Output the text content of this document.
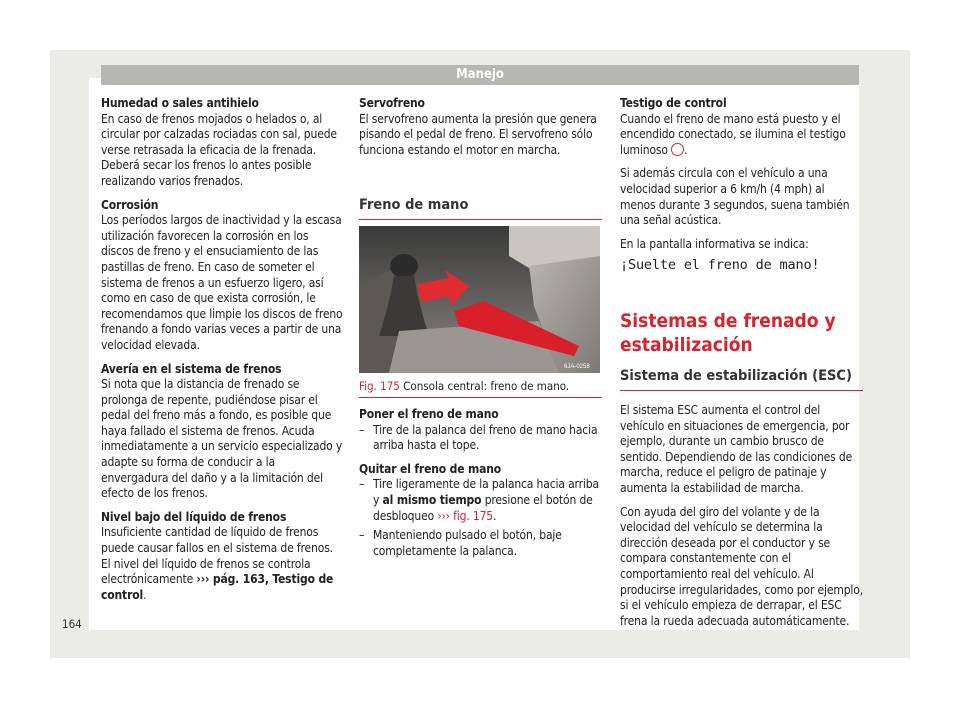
Manejo

Humedad o sales antihielo

En caso de frenos mojados o helados o, al circular por calzadas rociadas con sal, puede verse retrasada la eficacia de la frenada. Deberá secar los frenos lo antes posible realizando varios frenados.

Corrosión

Los períodos largos de inactividad y la escasa utilización favorecen la corrosión en los discos de freno y el ensuciamiento de las pastillas de freno. En caso de someter el sistema de frenos a un esfuerzo ligero, así como en caso de que exista corrosión, le recomendamos que limpie los discos de freno frenando a fondo varias veces a partir de una velocidad elevada.

Avería en el sistema de frenos

Si nota que la distancia de frenado se prolonga de repente, pudiéndose pisar el pedal del freno más a fondo, es posible que haya fallado el sistema de frenos. Acuda inmediatamente a un servicio especializado y adapte su forma de conducir a la envergadura del daño y a la limitación del efecto de los frenos.

Nivel bajo del líquido de frenos

Insuficiente cantidad de líquido de frenos puede causar fallos en el sistema de frenos. El nivel del líquido de frenos se controla electrónicamente ››› pág. 163, Testigo de control.

Servofreno

El servofreno aumenta la presión que genera pisando el pedal de freno. El servofreno sólo funciona estando el motor en marcha.

Freno de mano
6JA-0258
Fig. 175 Consola central: freno de mano.

Poner el freno de mano

– Tire de la palanca del freno de mano hacia arriba hasta el tope.

Quitar el freno de mano

– Tire ligeramente de la palanca hacia arriba y al mismo tiempo presione el botón de desbloqueo ››› fig. 175.
– Manteniendo pulsado el botón, baje completamente la palanca.

Testigo de control

Cuando el freno de mano está puesto y el encendido conectado, se ilumina el testigo luminoso .

Si además circula con el vehículo a una velocidad superior a 6 km/h (4 mph) al menos durante 3 segundos, suena también una señal acústica.

En la pantalla informativa se indica:

¡Suelte el freno de mano!

Sistemas de frenado y estabilización
Sistema de estabilización (ESC)

El sistema ESC aumenta el control del vehículo en situaciones de emergencia, por ejemplo, durante un cambio brusco de sentido. Dependiendo de las condiciones de marcha, reduce el peligro de patinaje y aumenta la estabilidad de marcha.

Con ayuda del giro del volante y de la velocidad del vehículo se determina la dirección deseada por el conductor y se compara constantemente con el comportamiento real del vehículo. Al producirse irregularidades, como por ejemplo, si el vehículo empieza de derrapar, el ESC frena la rueda adecuada automáticamente.

164
